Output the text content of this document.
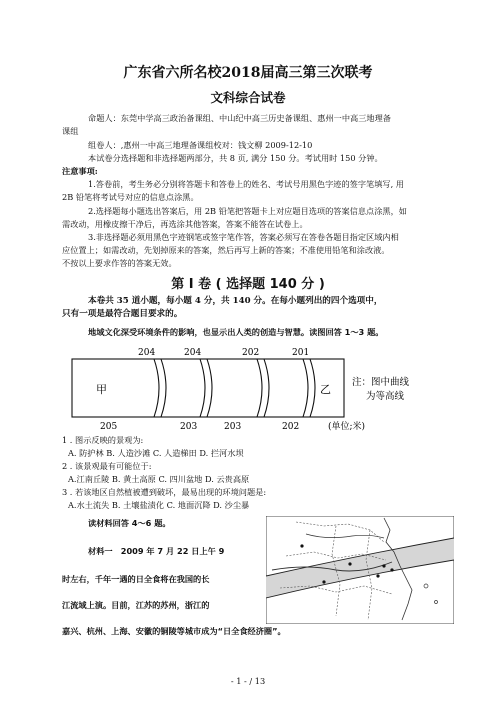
广东省六所名校2018届高三第三次联考
文科综合试卷
命题人：东莞中学高三政治备课组、中山纪中高三历史备课组、惠州一中高三地理备
课组
组卷人：,惠州一中高三地理备课组校对：钱文柳 2009-12-10
本试卷分选择题和非选择题两部分，共 8 页, 满分 150 分。考试用时 150 分钟。
注意事项:
1.答卷前，考生务必分别将答题卡和答卷上的姓名、考试号用黑色字迹的签字笔填写, 用
2B 铅笔将考试号对应的信息点涂黑。
2.选择题每小题选出答案后，用 2B 铅笔把答题卡上对应题目选项的答案信息点涂黑，如
需改动，用橡皮擦干净后，再选涂其他答案，答案不能答在试卷上。
3.非选择题必须用黑色字迹钢笔或签字笔作答，答案必须写在答卷各题目指定区域内相
应位置上；如需改动，先划掉原来的答案，然后再写上新的答案；不准使用铅笔和涂改液。
不按以上要求作答的答案无效。
第 I 卷 ( 选择题 140 分 )
本卷共 35 道小题，每小题 4 分，共 140 分。在每小题列出的四个选项中，
只有一项是最符合题目要求的。
地域文化深受环境条件的影响，也显示出人类的创造与智慧。读图回答 1～3 题。
204	204	202	201
205	203	203	202
甲	乙
注：图中曲线
为等高线
(单位;米)
1 . 图示反映的景观为:
A. 防护林 B. 人造沙滩 C. 人造梯田 D. 拦河水坝
2 . 该景观最有可能位于:
A.江南丘陵 B. 黄土高原 C. 四川盆地 D. 云贵高原
3 . 若该地区自然植被遭到破坏，最易出现的环境问题是:
A.水土流失 B. 土壤盐渍化 C. 地面沉降 D. 沙尘暴
读材料回答 4～6 题。
材料一　2009 年 7 月 22 日上午 9
时左右，千年一遇的日全食将在我国的长
江流域上演。目前，江苏的苏州，浙江的
嘉兴、杭州、上海、安徽的铜陵等城市成为“日全食经济圈”。
- 1 - / 13
